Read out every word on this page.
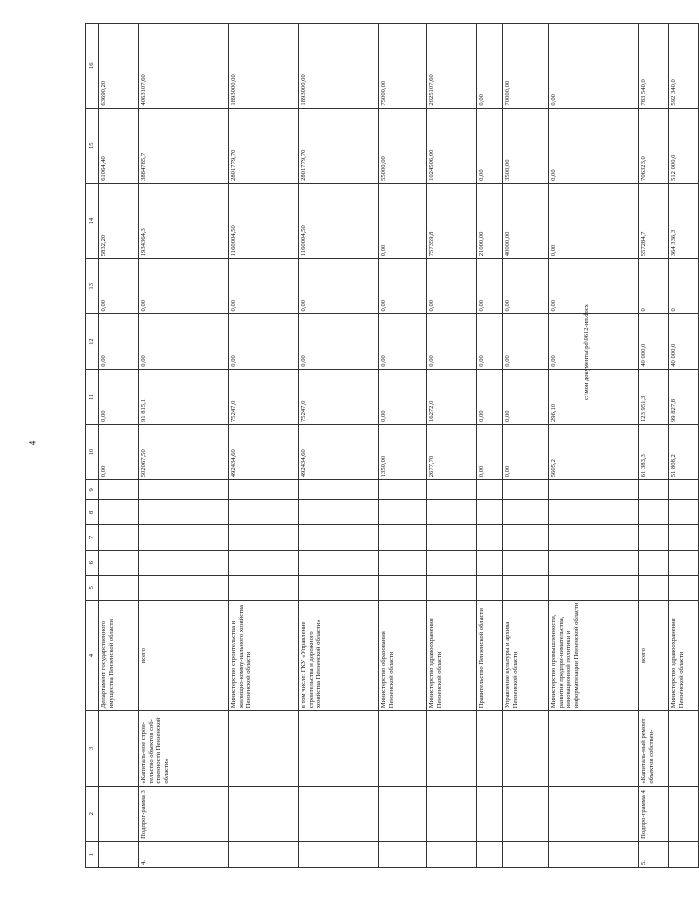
4
c:\мои документы\pd\0612-ип.docx
1	2	3	4	5	6	7	8	9	10	11	12	13	14	15	16
			Департамент государственного имущества Пензенской области						0,00	0,00	0,00	0,00	5832,20	61064,40	63690,20
4.	Подпрог-рамма 3	«Капиталь-ное строи-тельство объектов соб-ственности Пензенской области»	всего						502067,50	91 815,1	0,00	0,00	1934364,3	3884785,7	4063107,60
			Министерство строительства и жилищно-комму-нального хозяйства Пензенской области						492434,60	75247,0	0,00	0,00	1160004,50	2801779,70	1893000,00
			в том числе: ГКУ «Управление строительства и дорожного хозяйства Пензенской области»						492434,60	75247,0	0,00	0,00	1160004,50	2801779,70	1893000,00
			Министерство образования Пензенской области						1350,00	0,00	0,00	0,00	0,00	55000,00	75000,00
			Министерство здравоохранения Пензенской области						2677,70	16272,0	0,00	0,00	757359,8	1024506,00	2025107,60
			Правительство Пензенской области						0,00	0,00	0,00	0,00	21000,00	0,00	0,00
			Управление культуры и архива Пензенской области						0,00	0,00	0,00	0,00	40000,00	3500,00	70000,00
			Министерство промышленности, развития предпри-нимательства, инновационной политики и информатизации Пензенской области						5605,2	296,10	0,00	0,00	0,00	0,00	0,00
5.	Подпро-грамма 4	«Капиталь-ный ремонт объектов собствен-	всего						61 383,3	123 951,3	40 000,0	0	557284,7	706323,0	783 540,0
			Министерство здравоохранения Пензенской области						51 808,2	99 827,8	40 000,0	0	364 336,3	512 000,0	592 340,0
